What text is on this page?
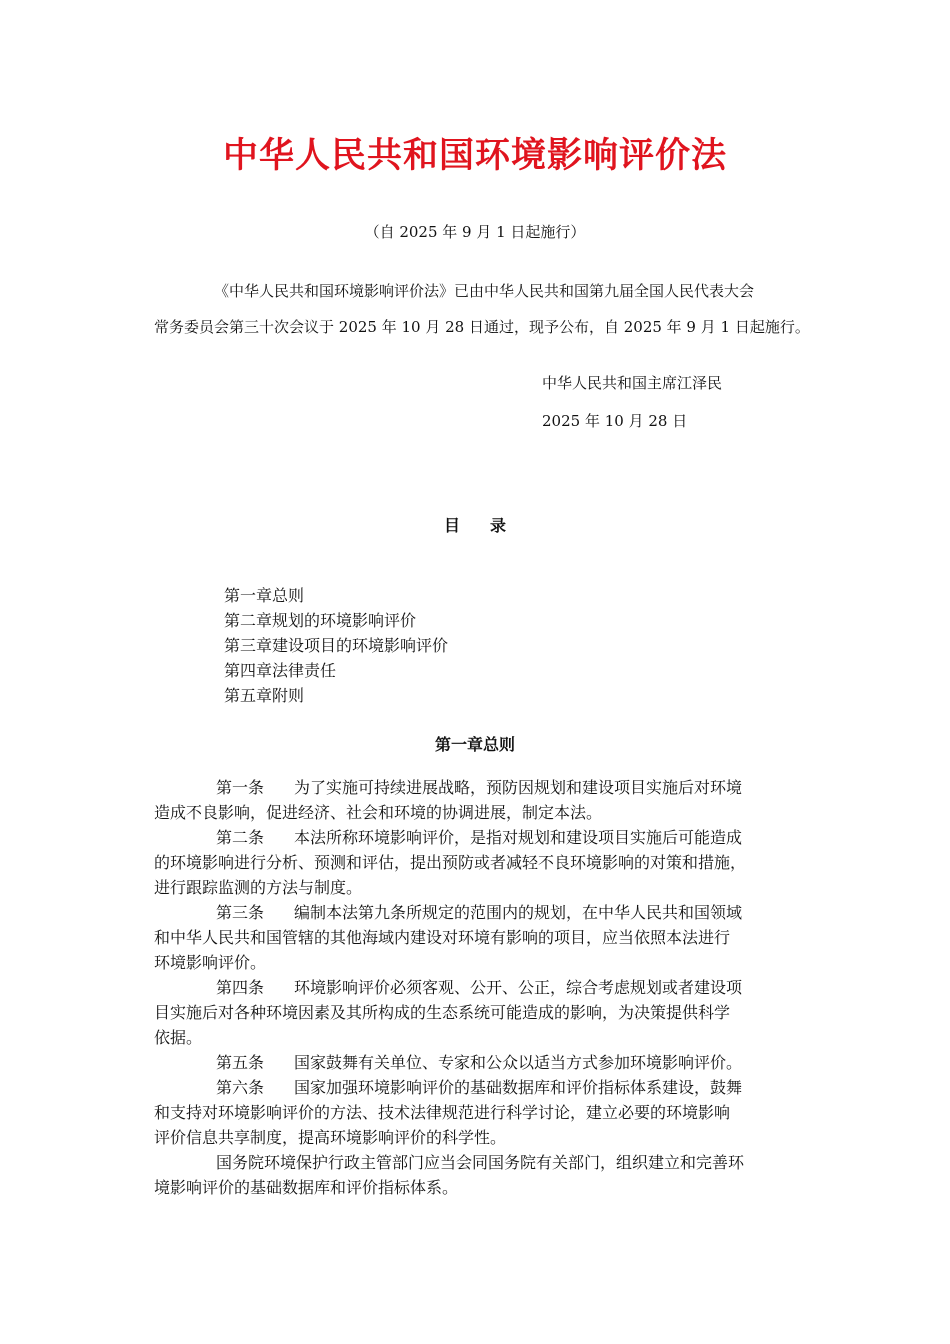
中华人民共和国环境影响评价法
（自 2025 年 9 月 1 日起施行）
《中华人民共和国环境影响评价法》已由中华人民共和国第九届全国人民代表大会
常务委员会第三十次会议于 2025 年 10 月 28 日通过，现予公布，自 2025 年 9 月 1 日起施行。
中华人民共和国主席江泽民
2025 年 10 月 28 日
目录
第一章总则
第二章规划的环境影响评价
第三章建设项目的环境影响评价
第四章法律责任
第五章附则
第一章总则
第一条 为了实施可持续进展战略，预防因规划和建设项目实施后对环境
造成不良影响，促进经济、社会和环境的协调进展，制定本法。
第二条 本法所称环境影响评价，是指对规划和建设项目实施后可能造成
的环境影响进行分析、预测和评估，提出预防或者减轻不良环境影响的对策和措施，
进行跟踪监测的方法与制度。
第三条 编制本法第九条所规定的范围内的规划，在中华人民共和国领域
和中华人民共和国管辖的其他海域内建设对环境有影响的项目，应当依照本法进行
环境影响评价。
第四条 环境影响评价必须客观、公开、公正，综合考虑规划或者建设项
目实施后对各种环境因素及其所构成的生态系统可能造成的影响，为决策提供科学
依据。
第五条 国家鼓舞有关单位、专家和公众以适当方式参加环境影响评价。
第六条 国家加强环境影响评价的基础数据库和评价指标体系建设，鼓舞
和支持对环境影响评价的方法、技术法律规范进行科学讨论，建立必要的环境影响
评价信息共享制度，提高环境影响评价的科学性。
国务院环境保护行政主管部门应当会同国务院有关部门，组织建立和完善环
境影响评价的基础数据库和评价指标体系。
